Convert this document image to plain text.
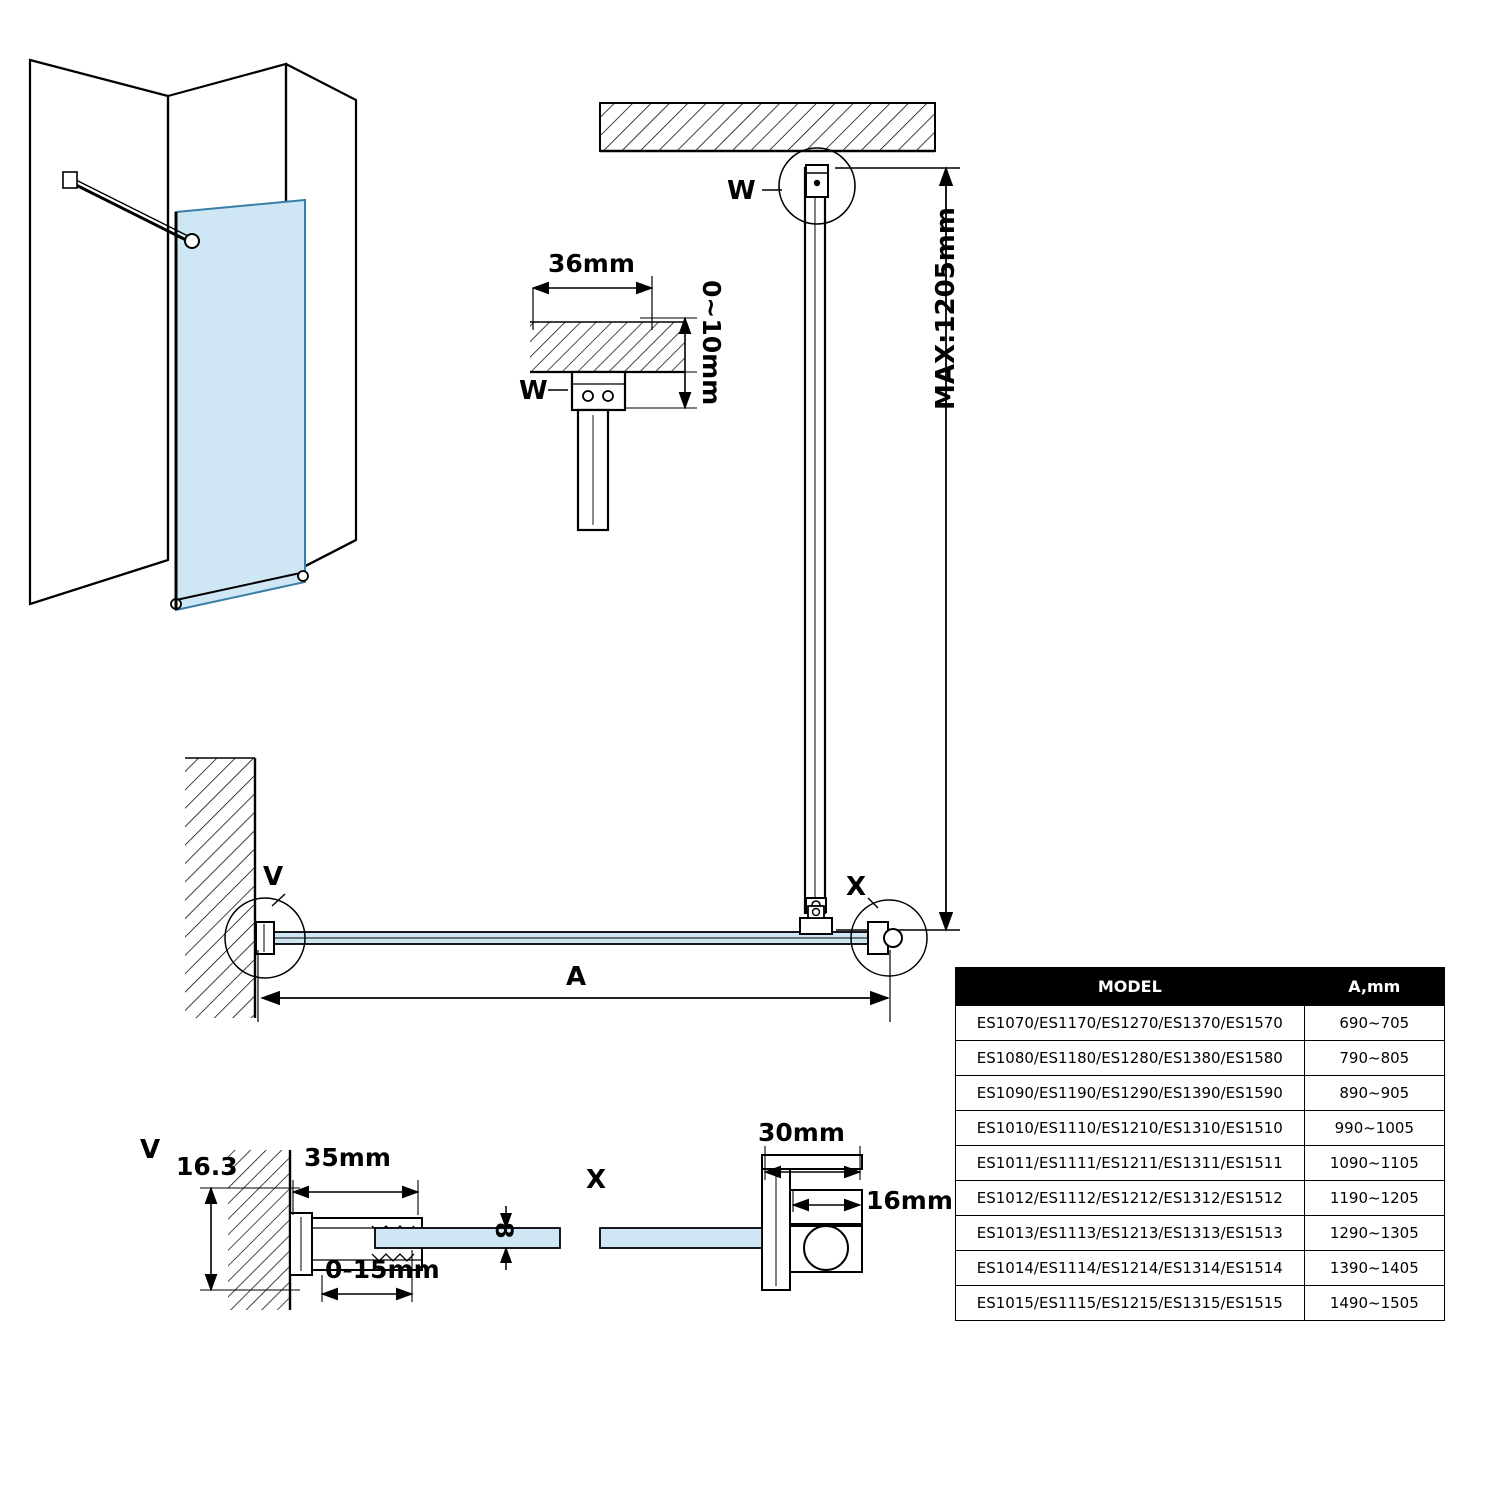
W
W
36mm
0~10mm	MAX:1205mm
V	X
A
V
16.3	35mm
8
0-15mm
X
30mm
16mm
MODEL	A,mm
ES1070/ES1170/ES1270/ES1370/ES1570	690~705
ES1080/ES1180/ES1280/ES1380/ES1580	790~805
ES1090/ES1190/ES1290/ES1390/ES1590	890~905
ES1010/ES1110/ES1210/ES1310/ES1510	990~1005
ES1011/ES1111/ES1211/ES1311/ES1511	1090~1105
ES1012/ES1112/ES1212/ES1312/ES1512	1190~1205
ES1013/ES1113/ES1213/ES1313/ES1513	1290~1305
ES1014/ES1114/ES1214/ES1314/ES1514	1390~1405
ES1015/ES1115/ES1215/ES1315/ES1515	1490~1505
